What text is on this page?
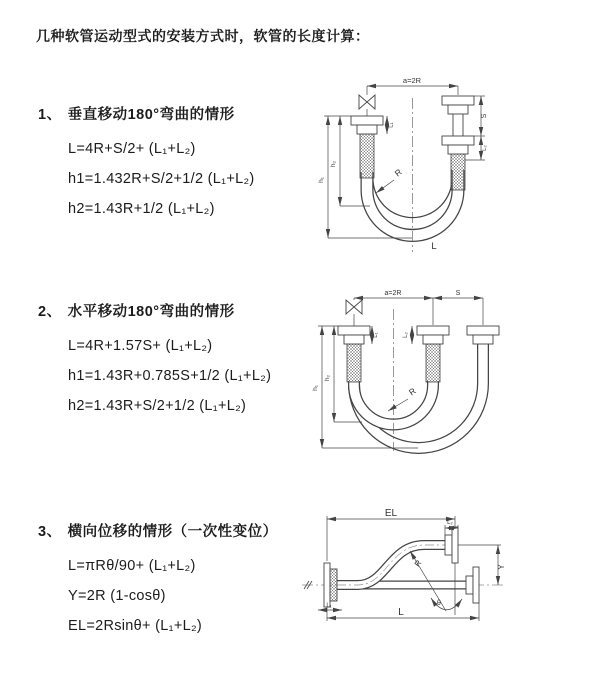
几种软管运动型式的安装方式时，软管的长度计算：
1、 垂直移动180°弯曲的情形

L=4R+S/2+ (L₁+L₂)

h1=1.432R+S/2+1/2 (L₁+L₂)

h2=1.43R+1/2 (L₁+L₂)

2、 水平移动180°弯曲的情形

L=4R+1.57S+ (L₁+L₂)

h1=1.43R+0.785S+1/2 (L₁+L₂)

h2=1.43R+S/2+1/2 (L₁+L₂)

3、 横向位移的情形（一次性变位）

L=πRθ/90+ (L₁+L₂)

Y=2R (1-cosθ)

EL=2Rsinθ+ (L₁+L₂)

a=2R
S
L₂
L₁
h₁
h₂
R
L
a=2R	S
L₁	L₂
h₁
h₂
R
EL
L₂
Y
R
θ
L
L₁
